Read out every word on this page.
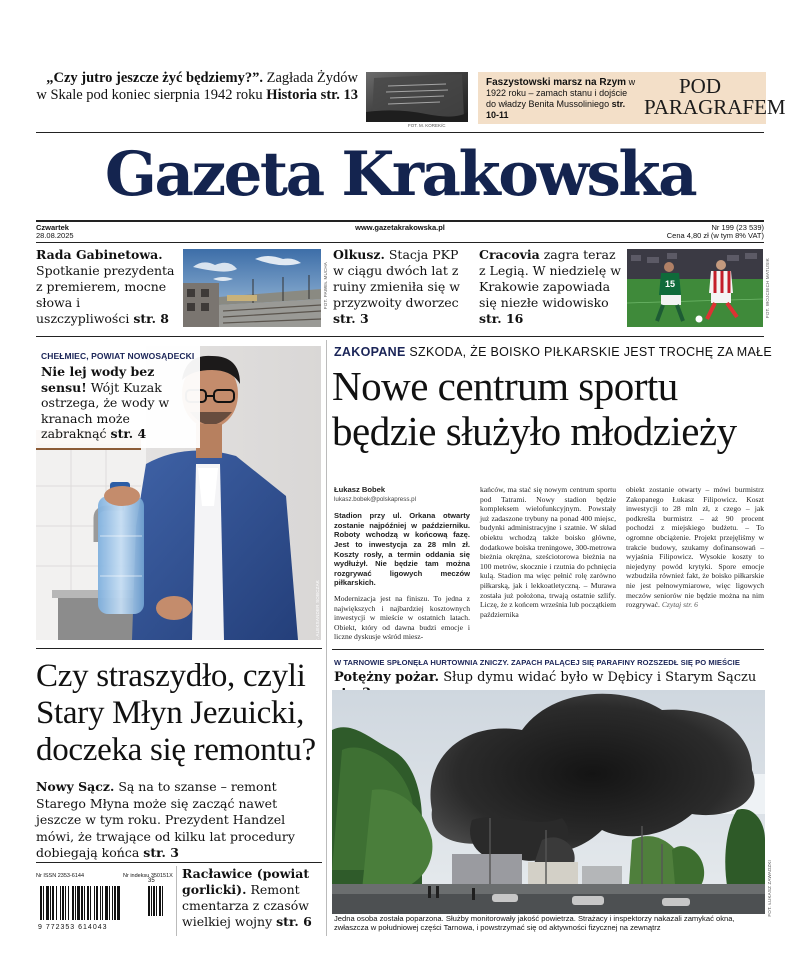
„Czy jutro jeszcze żyć będziemy?”. Zagłada Żydów w Skale pod koniec sierpnia 1942 roku Historia str. 13
FOT. M. KOREK/C
Faszystowski marsz na Rzym w 1922 roku – zamach stanu i dojście do władzy Benita Mussoliniego str. 10-11
POD
PARAGRAFEM
Gazeta Krakowska
Czwartek
28.08.2025
www.gazetakrakowska.pl	Nr 199 (23 539)
Cena 4,80 zł (w tym 8% VAT)
Rada Gabinetowa. Spotkanie prezydenta z premierem, mocne słowa i uszczypliwości str. 8
FOT. PAWEŁ MUCHA
Olkusz. Stacja PKP w ciągu dwóch lat z ruiny zmieniła się w przyzwoity dworzec str. 3
Cracovia zagra teraz z Legią. W niedzielę w Krakowie zapowiada się niezłe widowisko str. 16
15	FOT. WOJCIECH MATUSIK
CHEŁMIEC, POWIAT NOWOSĄDECKI
Nie lej wody bez sensu! Wójt Kuzak ostrzega, że wody w kranach może zabraknąć str. 4
FOT. ALEKSANDER SOBCZAK
ZAKOPANE SZKODA, ŻE BOISKO PIŁKARSKIE JEST TROCHĘ ZA MAŁE
Nowe centrum sportu
będzie służyło młodzieży
Łukasz Bobek
lukasz.bobek@polskapress.pl
Stadion przy ul. Orkana otwarty zostanie najpóźniej w październiku. Roboty wchodzą w końcową fazę. Jest to inwestycja za 28 mln zł. Koszty rosły, a termin oddania się wydłużył. Nie będzie tam można rozgrywać ligowych meczów piłkarskich.
Modernizacja jest na finiszu. To jedna z największych i najbardziej kosztownych inwestycji w mieście w ostatnich latach. Obiekt, który od dawna budzi emocje i liczne dyskusje wśród miesz-
kańców, ma stać się nowym centrum sportu pod Tatrami. Nowy stadion będzie kompleksem wielofunkcyjnym. Powstały już zadaszone trybuny na ponad 400 miejsc, budynki administracyjne i szatnie. W skład obiektu wchodzą także boisko główne, dodatkowe boiska treningowe, 300-metrowa bieżnia okrężna, sześciotorowa bieżnia na 100 metrów, skocznie i rzutnia do pchnięcia kulą. Stadion ma więc pełnić rolę zarówno piłkarską, jak i lekkoatletyczną. – Murawa została już położona, trwają ostatnie szlify. Liczę, że z końcem września lub początkiem października
obiekt zostanie otwarty – mówi burmistrz Zakopanego Łukasz Filipowicz. Koszt inwestycji to 28 mln zł, z czego – jak podkreśla burmistrz – aż 90 procent pochodzi z miejskiego budżetu. – To ogromne obciążenie. Projekt przejęliśmy w trakcie budowy, szukamy dofinansowań – wyjaśnia Filipowicz. Wysokie koszty to niejedyny powód krytyki. Spore emocje wzbudziła również fakt, że boisko piłkarskie nie jest pełnowymiarowe, więc ligowych meczów seniorów nie będzie można na nim rozgrywać. Czytaj str. 6
Czy straszydło, czyli Stary Młyn Jezuicki, doczeka się remontu?
Nowy Sącz. Są na to szanse – remont Starego Młyna może się zacząć nawet jeszcze w tym roku. Prezydent Handzel mówi, że trwające od kilku lat procedury dobiegają końca str. 3
Nr ISSN 2353-6144	Nr indeksu 350151X
9 772353 614043
35 Racławice (powiat gorlicki). Remont cmentarza z czasów wielkiej wojny str. 6
W TARNOWIE SPŁONĘŁA HURTOWNIA ZNICZY. ZAPACH PALĄCEJ SIĘ PARAFINY ROZSZEDŁ SIĘ PO MIEŚCIE
Potężny pożar. Słup dymu widać było w Dębicy i Starym Sączu
FOT. ŁUKASZ ZAWADZKI
Jedna osoba została poparzona. Służby monitorowały jakość powietrza. Strażacy i inspektorzy nakazali zamykać okna, zwłaszcza w południowej części Tarnowa, i powstrzymać się od aktywności fizycznej na zewnątrz
